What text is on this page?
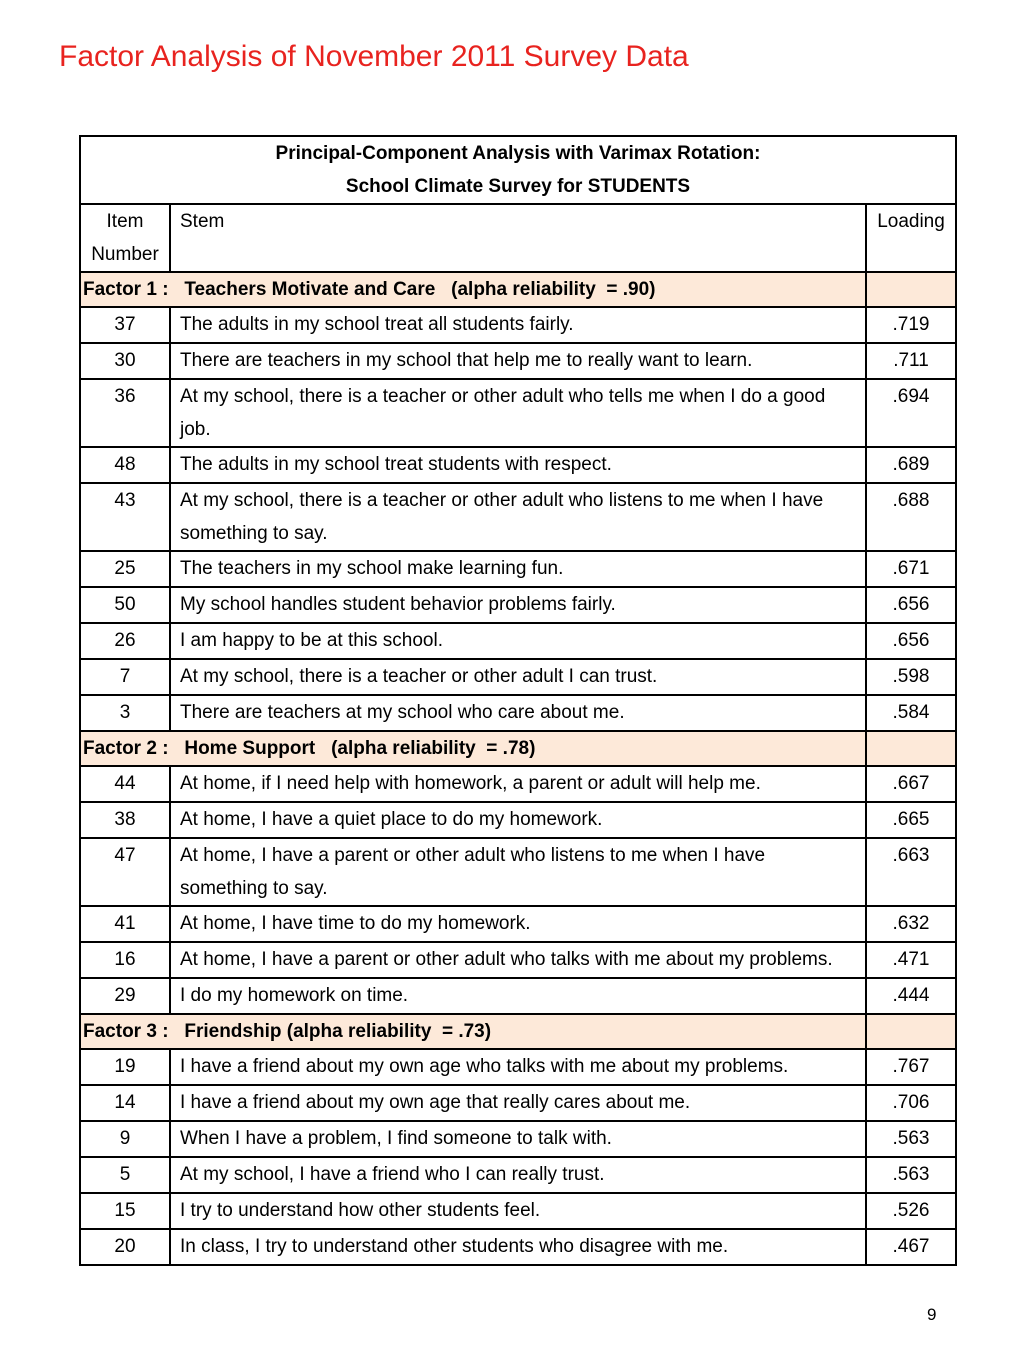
Factor Analysis of November 2011 Survey Data
Principal-Component Analysis with Varimax Rotation:
School Climate Survey for STUDENTS		

Item
Number	Stem	Loading
Factor 1 :   Teachers Motivate and Care   (alpha reliability  = .90)		
37	The adults in my school treat all students fairly.	.719
30	There are teachers in my school that help me to really want to learn.	.711
36	At my school, there is a teacher or other adult who tells me when I do a good job.	.694
48	The adults in my school treat students with respect.	.689
43	At my school, there is a teacher or other adult who listens to me when I have something to say.	.688
25	The teachers in my school make learning fun.	.671
50	My school handles student behavior problems fairly.	.656
26	I am happy to be at this school.	.656
7	At my school, there is a teacher or other adult I can trust.	.598
3	There are teachers at my school who care about me.	.584
Factor 2 :   Home Support   (alpha reliability  = .78)		
44	At home, if I need help with homework, a parent or adult will help me.	.667
38	At home, I have a quiet place to do my homework.	.665
47	At home, I have a parent or other adult who listens to me when I have something to say.	.663
41	At home, I have time to do my homework.	.632
16	At home, I have a parent or other adult who talks with me about my problems.	.471
29	I do my homework on time.	.444
Factor 3 :   Friendship (alpha reliability  = .73)		
19	I have a friend about my own age who talks with me about my problems.	.767
14	I have a friend about my own age that really cares about me.	.706
9	When I have a problem, I find someone to talk with.	.563
5	At my school, I have a friend who I can really trust.	.563
15	I try to understand how other students feel.	.526
20	In class, I try to understand other students who disagree with me.	.467
9
